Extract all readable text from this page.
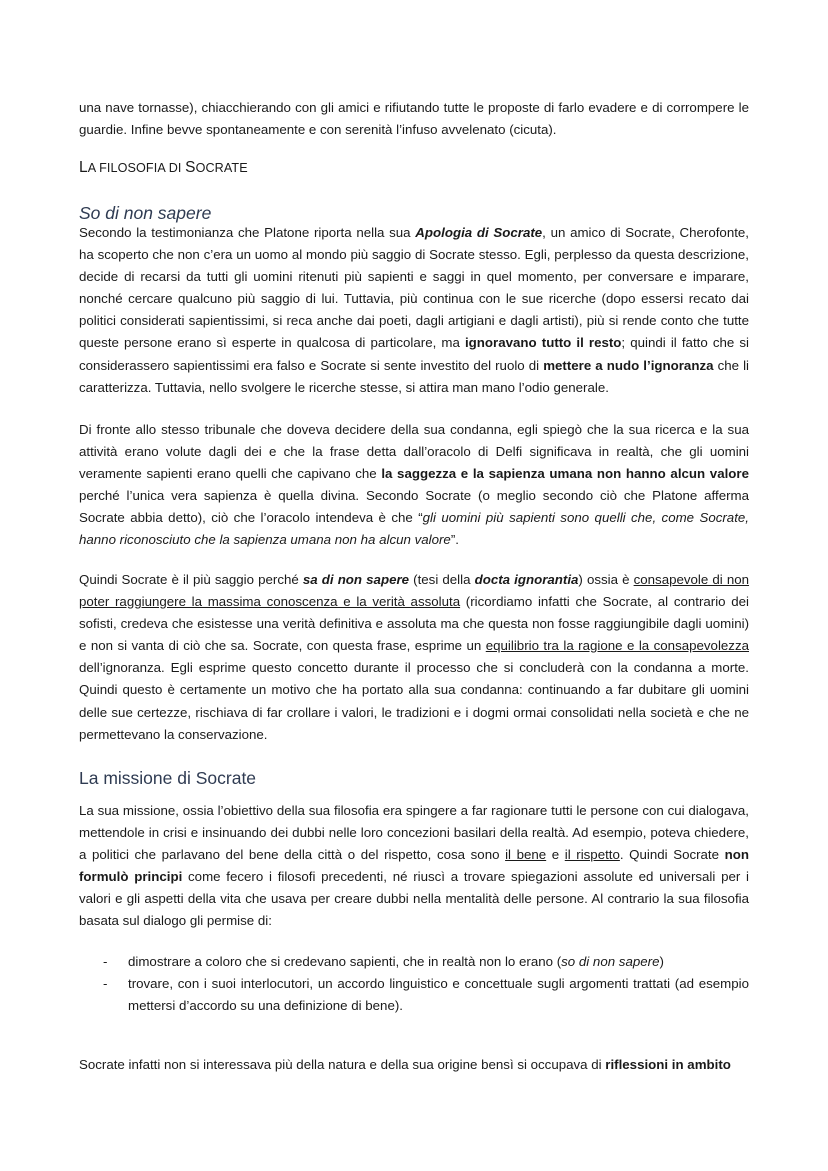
una nave tornasse), chiacchierando con gli amici e rifiutando tutte le proposte di farlo evadere e di corrompere le guardie. Infine bevve spontaneamente e con serenità l’infuso avvelenato (cicuta).

LA FILOSOFIA DI SOCRATE
So di non sapere

Secondo la testimonianza che Platone riporta nella sua Apologia di Socrate, un amico di Socrate, Cherofonte, ha scoperto che non c’era un uomo al mondo più saggio di Socrate stesso. Egli, perplesso da questa descrizione, decide di recarsi da tutti gli uomini ritenuti più sapienti e saggi in quel momento, per conversare e imparare, nonché cercare qualcuno più saggio di lui. Tuttavia, più continua con le sue ricerche (dopo essersi recato dai politici considerati sapientissimi, si reca anche dai poeti, dagli artigiani e dagli artisti), più si rende conto che tutte queste persone erano sì esperte in qualcosa di particolare, ma ignoravano tutto il resto; quindi il fatto che si considerassero sapientissimi era falso e Socrate si sente investito del ruolo di mettere a nudo l’ignoranza che li caratterizza. Tuttavia, nello svolgere le ricerche stesse, si attira man mano l’odio generale.

Di fronte allo stesso tribunale che doveva decidere della sua condanna, egli spiegò che la sua ricerca e la sua attività erano volute dagli dei e che la frase detta dall’oracolo di Delfi significava in realtà, che gli uomini veramente sapienti erano quelli che capivano che la saggezza e la sapienza umana non hanno alcun valore perché l’unica vera sapienza è quella divina. Secondo Socrate (o meglio secondo ciò che Platone afferma Socrate abbia detto), ciò che l’oracolo intendeva è che “gli uomini più sapienti sono quelli che, come Socrate, hanno riconosciuto che la sapienza umana non ha alcun valore”.

Quindi Socrate è il più saggio perché sa di non sapere (tesi della docta ignorantia) ossia è consapevole di non poter raggiungere la massima conoscenza e la verità assoluta (ricordiamo infatti che Socrate, al contrario dei sofisti, credeva che esistesse una verità definitiva e assoluta ma che questa non fosse raggiungibile dagli uomini) e non si vanta di ciò che sa. Socrate, con questa frase, esprime un equilibrio tra la ragione e la consapevolezza dell’ignoranza. Egli esprime questo concetto durante il processo che si concluderà con la condanna a morte. Quindi questo è certamente un motivo che ha portato alla sua condanna: continuando a far dubitare gli uomini delle sue certezze, rischiava di far crollare i valori, le tradizioni e i dogmi ormai consolidati nella società e che ne permettevano la conservazione.

La missione di Socrate

La sua missione, ossia l’obiettivo della sua filosofia era spingere a far ragionare tutti le persone con cui dialogava, mettendole in crisi e insinuando dei dubbi nelle loro concezioni basilari della realtà. Ad esempio, poteva chiedere, a politici che parlavano del bene della città o del rispetto, cosa sono il bene e il rispetto. Quindi Socrate non formulò principi come fecero i filosofi precedenti, né riuscì a trovare spiegazioni assolute ed universali per i valori e gli aspetti della vita che usava per creare dubbi nella mentalità delle persone. Al contrario la sua filosofia basata sul dialogo gli permise di:

- dimostrare a coloro che si credevano sapienti, che in realtà non lo erano (so di non sapere)
- trovare, con i suoi interlocutori, un accordo linguistico e concettuale sugli argomenti trattati (ad esempio mettersi d’accordo su una definizione di bene).

Socrate infatti non si interessava più della natura e della sua origine bensì si occupava di riflessioni in ambito
